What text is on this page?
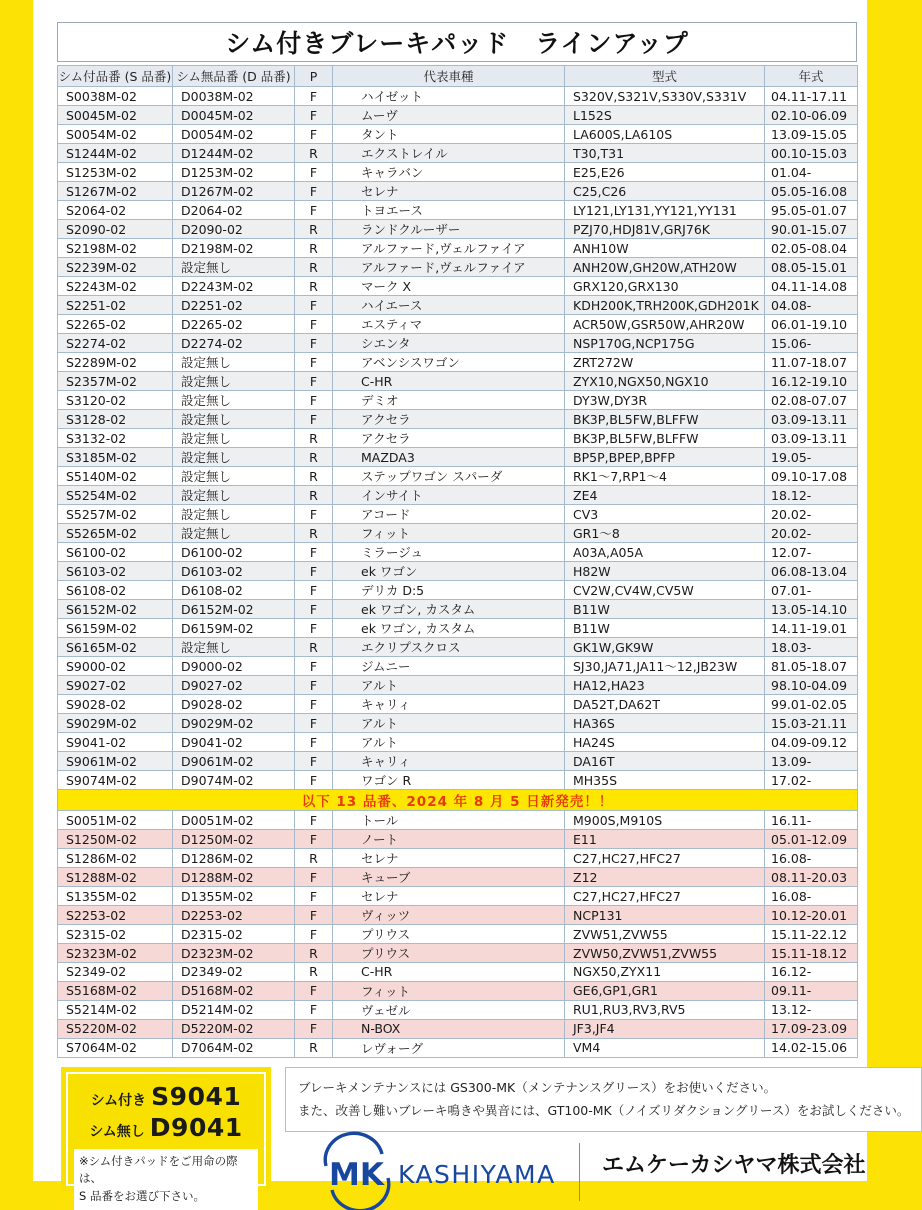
シム付きブレーキパッド　ラインアップ
シム付品番 (S 品番)	シム無品番 (D 品番)	P	代表車種	型式	年式
S0038M-02	D0038M-02	F	ハイゼット	S320V,S321V,S330V,S331V	04.11-17.11
S0045M-02	D0045M-02	F	ムーヴ	L152S	02.10-06.09
S0054M-02	D0054M-02	F	タント	LA600S,LA610S	13.09-15.05
S1244M-02	D1244M-02	R	エクストレイル	T30,T31	00.10-15.03
S1253M-02	D1253M-02	F	キャラバン	E25,E26	01.04-
S1267M-02	D1267M-02	F	セレナ	C25,C26	05.05-16.08
S2064-02	D2064-02	F	トヨエース	LY121,LY131,YY121,YY131	95.05-01.07
S2090-02	D2090-02	R	ランドクルーザー	PZJ70,HDJ81V,GRJ76K	90.01-15.07
S2198M-02	D2198M-02	R	アルファード,ヴェルファイア	ANH10W	02.05-08.04
S2239M-02	設定無し	R	アルファード,ヴェルファイア	ANH20W,GH20W,ATH20W	08.05-15.01
S2243M-02	D2243M-02	R	マーク X	GRX120,GRX130	04.11-14.08
S2251-02	D2251-02	F	ハイエース	KDH200K,TRH200K,GDH201K	04.08-
S2265-02	D2265-02	F	エスティマ	ACR50W,GSR50W,AHR20W	06.01-19.10
S2274-02	D2274-02	F	シエンタ	NSP170G,NCP175G	15.06-
S2289M-02	設定無し	F	アベンシスワゴン	ZRT272W	11.07-18.07
S2357M-02	設定無し	F	C-HR	ZYX10,NGX50,NGX10	16.12-19.10
S3120-02	設定無し	F	デミオ	DY3W,DY3R	02.08-07.07
S3128-02	設定無し	F	アクセラ	BK3P,BL5FW,BLFFW	03.09-13.11
S3132-02	設定無し	R	アクセラ	BK3P,BL5FW,BLFFW	03.09-13.11
S3185M-02	設定無し	R	MAZDA3	BP5P,BPEP,BPFP	19.05-
S5140M-02	設定無し	R	ステップワゴン スパーダ	RK1～7,RP1～4	09.10-17.08
S5254M-02	設定無し	R	インサイト	ZE4	18.12-
S5257M-02	設定無し	F	アコード	CV3	20.02-
S5265M-02	設定無し	R	フィット	GR1～8	20.02-
S6100-02	D6100-02	F	ミラージュ	A03A,A05A	12.07-
S6103-02	D6103-02	F	ek ワゴン	H82W	06.08-13.04
S6108-02	D6108-02	F	デリカ D:5	CV2W,CV4W,CV5W	07.01-
S6152M-02	D6152M-02	F	ek ワゴン, カスタム	B11W	13.05-14.10
S6159M-02	D6159M-02	F	ek ワゴン, カスタム	B11W	14.11-19.01
S6165M-02	設定無し	R	エクリプスクロス	GK1W,GK9W	18.03-
S9000-02	D9000-02	F	ジムニー	SJ30,JA71,JA11～12,JB23W	81.05-18.07
S9027-02	D9027-02	F	アルト	HA12,HA23	98.10-04.09
S9028-02	D9028-02	F	キャリィ	DA52T,DA62T	99.01-02.05
S9029M-02	D9029M-02	F	アルト	HA36S	15.03-21.11
S9041-02	D9041-02	F	アルト	HA24S	04.09-09.12
S9061M-02	D9061M-02	F	キャリィ	DA16T	13.09-
S9074M-02	D9074M-02	F	ワゴン R	MH35S	17.02-
以下 13 品番、2024 年 8 月 5 日新発売！！					
S0051M-02	D0051M-02	F	トール	M900S,M910S	16.11-
S1250M-02	D1250M-02	F	ノート	E11	05.01-12.09
S1286M-02	D1286M-02	R	セレナ	C27,HC27,HFC27	16.08-
S1288M-02	D1288M-02	F	キューブ	Z12	08.11-20.03
S1355M-02	D1355M-02	F	セレナ	C27,HC27,HFC27	16.08-
S2253-02	D2253-02	F	ヴィッツ	NCP131	10.12-20.01
S2315-02	D2315-02	F	プリウス	ZVW51,ZVW55	15.11-22.12
S2323M-02	D2323M-02	R	プリウス	ZVW50,ZVW51,ZVW55	15.11-18.12
S2349-02	D2349-02	R	C-HR	NGX50,ZYX11	16.12-
S5168M-02	D5168M-02	F	フィット	GE6,GP1,GR1	09.11-
S5214M-02	D5214M-02	F	ヴェゼル	RU1,RU3,RV3,RV5	13.12-
S5220M-02	D5220M-02	F	N-BOX	JF3,JF4	17.09-23.09
S7064M-02	D7064M-02	R	レヴォーグ	VM4	14.02-15.06
シム付き S9041
シム無し D9041
※シム付きパッドをご用命の際は、
S 品番をお選び下さい。
ブレーキメンテナンスには GS300-MK（メンテナンスグリース）をお使いください。
また、改善し難いブレーキ鳴きや異音には、GT100-MK（ノイズリダクショングリース）をお試しください。
MK KASHIYAMA エムケーカシヤマ株式会社
